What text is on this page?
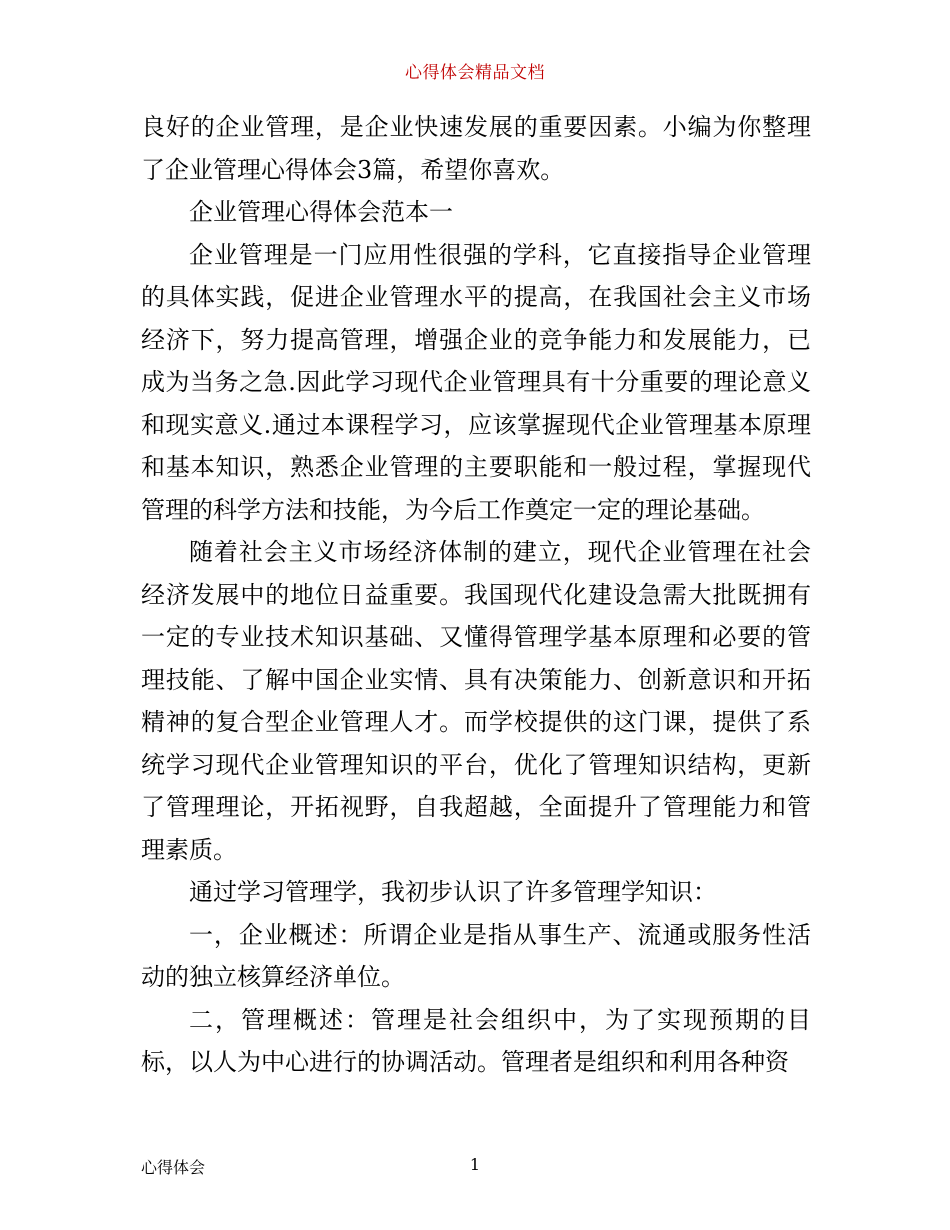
心得体会精品文档

良好的企业管理，是企业快速发展的重要因素。小编为你整理了企业管理心得体会3篇，希望你喜欢。

企业管理心得体会范本一

企业管理是一门应用性很强的学科，它直接指导企业管理的具体实践，促进企业管理水平的提高，在我国社会主义市场经济下，努力提高管理，增强企业的竞争能力和发展能力，已成为当务之急.因此学习现代企业管理具有十分重要的理论意义和现实意义.通过本课程学习，应该掌握现代企业管理基本原理和基本知识，熟悉企业管理的主要职能和一般过程，掌握现代管理的科学方法和技能，为今后工作奠定一定的理论基础。

随着社会主义市场经济体制的建立，现代企业管理在社会经济发展中的地位日益重要。我国现代化建设急需大批既拥有一定的专业技术知识基础、又懂得管理学基本原理和必要的管理技能、了解中国企业实情、具有决策能力、创新意识和开拓精神的复合型企业管理人才。而学校提供的这门课，提供了系统学习现代企业管理知识的平台，优化了管理知识结构，更新了管理理论，开拓视野，自我超越，全面提升了管理能力和管理素质。

通过学习管理学，我初步认识了许多管理学知识：

一，企业概述：所谓企业是指从事生产、流通或服务性活动的独立核算经济单位。

二，管理概述：管理是社会组织中，为了实现预期的目标，以人为中心进行的协调活动。管理者是组织和利用各种资

心得体会	1
